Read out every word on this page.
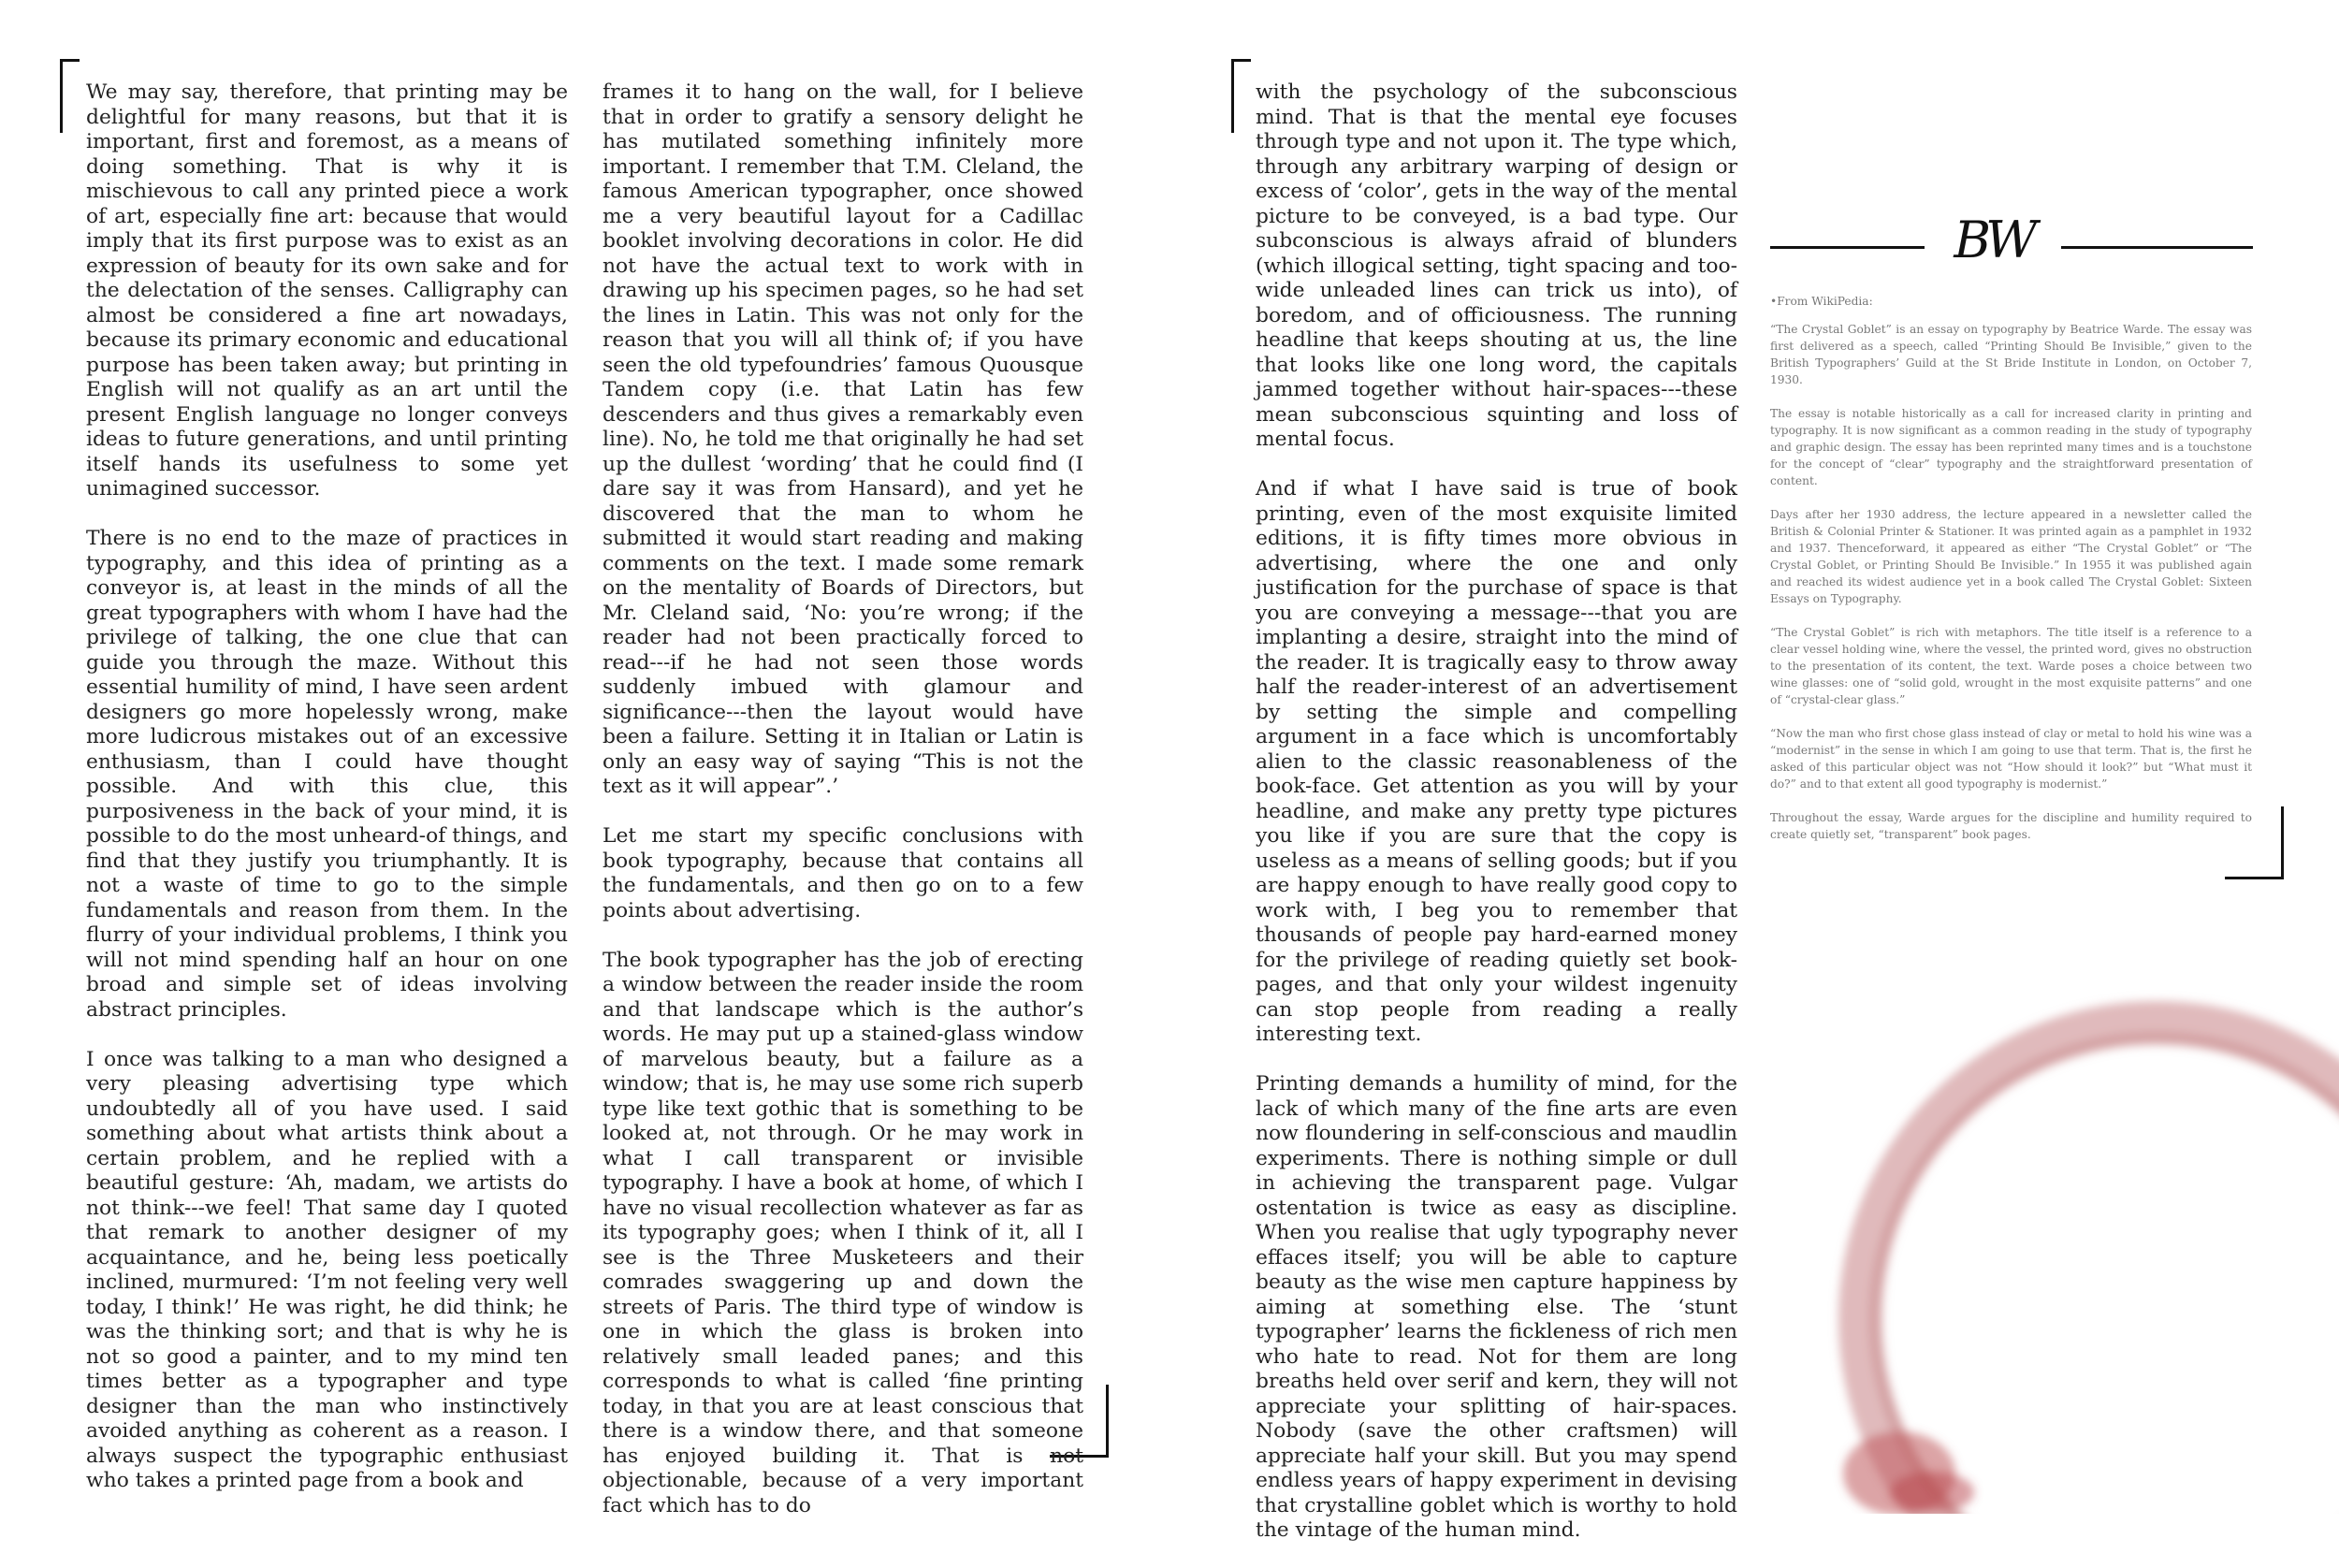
We may say, therefore, that printing may be delightful for many reasons, but that it is important, first and foremost, as a means of doing something. That is why it is mischievous to call any printed piece a work of art, especially fine art: because that would imply that its first purpose was to exist as an expression of beauty for its own sake and for the delectation of the senses. Calligraphy can almost be considered a fine art nowadays, because its primary economic and educational purpose has been taken away; but printing in English will not qualify as an art until the present English language no longer conveys ideas to future generations, and until printing itself hands its usefulness to some yet unimagined successor.

There is no end to the maze of practices in typography, and this idea of printing as a conveyor is, at least in the minds of all the great typographers with whom I have had the privilege of talking, the one clue that can guide you through the maze. Without this essential humility of mind, I have seen ardent designers go more hopelessly wrong, make more ludicrous mistakes out of an excessive enthusiasm, than I could have thought possible. And with this clue, this purposiveness in the back of your mind, it is possible to do the most unheard-of things, and find that they justify you triumphantly. It is not a waste of time to go to the simple fundamentals and reason from them. In the flurry of your individual problems, I think you will not mind spending half an hour on one broad and simple set of ideas involving abstract principles.

I once was talking to a man who designed a very pleasing advertising type which undoubtedly all of you have used. I said something about what artists think about a certain problem, and he replied with a beautiful gesture: ‘Ah, madam, we artists do not think---we feel! That same day I quoted that remark to another designer of my acquaintance, and he, being less poetically inclined, murmured: ‘I’m not feeling very well today, I think!’ He was right, he did think; he was the thinking sort; and that is why he is not so good a painter, and to my mind ten times better as a typographer and type designer than the man who instinctively avoided anything as coherent as a reason. I always suspect the typographic enthusiast who takes a printed page from a book and

frames it to hang on the wall, for I believe that in order to gratify a sensory delight he has mutilated something infinitely more important. I remember that T.M. Cleland, the famous American typographer, once showed me a very beautiful layout for a Cadillac booklet involving decorations in color. He did not have the actual text to work with in drawing up his specimen pages, so he had set the lines in Latin. This was not only for the reason that you will all think of; if you have seen the old typefoundries’ famous Quousque Tandem copy (i.e. that Latin has few descenders and thus gives a remarkably even line). No, he told me that originally he had set up the dullest ‘wording’ that he could find (I dare say it was from Hansard), and yet he discovered that the man to whom he submitted it would start reading and making comments on the text. I made some remark on the mentality of Boards of Directors, but Mr. Cleland said, ‘No: you’re wrong; if the reader had not been practically forced to read---if he had not seen those words suddenly imbued with glamour and significance---then the layout would have been a failure. Setting it in Italian or Latin is only an easy way of saying “This is not the text as it will appear”.’

Let me start my specific conclusions with book typography, because that contains all the fundamentals, and then go on to a few points about advertising.

The book typographer has the job of erecting a window between the reader inside the room and that landscape which is the author’s words. He may put up a stained-glass window of marvelous beauty, but a failure as a window; that is, he may use some rich superb type like text gothic that is something to be looked at, not through. Or he may work in what I call transparent or invisible typography. I have a book at home, of which I have no visual recollection whatever as far as its typography goes; when I think of it, all I see is the Three Musketeers and their comrades swaggering up and down the streets of Paris. The third type of window is one in which the glass is broken into relatively small leaded panes; and this corresponds to what is called ‘fine printing today, in that you are at least conscious that there is a window there, and that someone has enjoyed building it. That is not objectionable, because of a very important fact which has to do

with the psychology of the subconscious mind. That is that the mental eye focuses through type and not upon it. The type which, through any arbitrary warping of design or excess of ‘color’, gets in the way of the mental picture to be conveyed, is a bad type. Our subconscious is always afraid of blunders (which illogical setting, tight spacing and too-wide unleaded lines can trick us into), of boredom, and of officiousness. The running headline that keeps shouting at us, the line that looks like one long word, the capitals jammed together without hair-spaces---these mean subconscious squinting and loss of mental focus.

And if what I have said is true of book printing, even of the most exquisite limited editions, it is fifty times more obvious in advertising, where the one and only justification for the purchase of space is that you are conveying a message---that you are implanting a desire, straight into the mind of the reader. It is tragically easy to throw away half the reader-interest of an advertisement by setting the simple and compelling argument in a face which is uncomfortably alien to the classic reasonableness of the book-face. Get attention as you will by your headline, and make any pretty type pictures you like if you are sure that the copy is useless as a means of selling goods; but if you are happy enough to have really good copy to work with, I beg you to remember that thousands of people pay hard-earned money for the privilege of reading quietly set book-pages, and that only your wildest ingenuity can stop people from reading a really interesting text.

Printing demands a humility of mind, for the lack of which many of the fine arts are even now floundering in self-conscious and maudlin experiments. There is nothing simple or dull in achieving the transparent page. Vulgar ostentation is twice as easy as discipline. When you realise that ugly typography never effaces itself; you will be able to capture beauty as the wise men capture happiness by aiming at something else. The ‘stunt typographer’ learns the fickleness of rich men who hate to read. Not for them are long breaths held over serif and kern, they will not appreciate your splitting of hair-spaces. Nobody (save the other craftsmen) will appreciate half your skill. But you may spend endless years of happy experiment in devising that crystalline goblet which is worthy to hold the vintage of the human mind.

BW

•From WikiPedia:

“The Crystal Goblet” is an essay on typography by Beatrice Warde. The essay was first delivered as a speech, called “Printing Should Be Invisible,” given to the British Typographers’ Guild at the St Bride Institute in London, on October 7, 1930.

The essay is notable historically as a call for increased clarity in printing and typography. It is now significant as a common reading in the study of typography and graphic design. The essay has been reprinted many times and is a touchstone for the concept of “clear” typography and the straightforward presentation of content.

Days after her 1930 address, the lecture appeared in a newsletter called the British & Colonial Printer & Stationer. It was printed again as a pamphlet in 1932 and 1937. Thenceforward, it appeared as either “The Crystal Goblet” or “The Crystal Goblet, or Printing Should Be Invisible.” In 1955 it was published again and reached its widest audience yet in a book called The Crystal Goblet: Sixteen Essays on Typography.

“The Crystal Goblet” is rich with metaphors. The title itself is a reference to a clear vessel holding wine, where the vessel, the printed word, gives no obstruction to the presentation of its content, the text. Warde poses a choice between two wine glasses: one of “solid gold, wrought in the most exquisite patterns” and one of “crystal-clear glass.”

“Now the man who first chose glass instead of clay or metal to hold his wine was a “modernist” in the sense in which I am going to use that term. That is, the first he asked of this particular object was not “How should it look?” but “What must it do?” and to that extent all good typography is modernist.”

Throughout the essay, Warde argues for the discipline and humility required to create quietly set, “transparent” book pages.
